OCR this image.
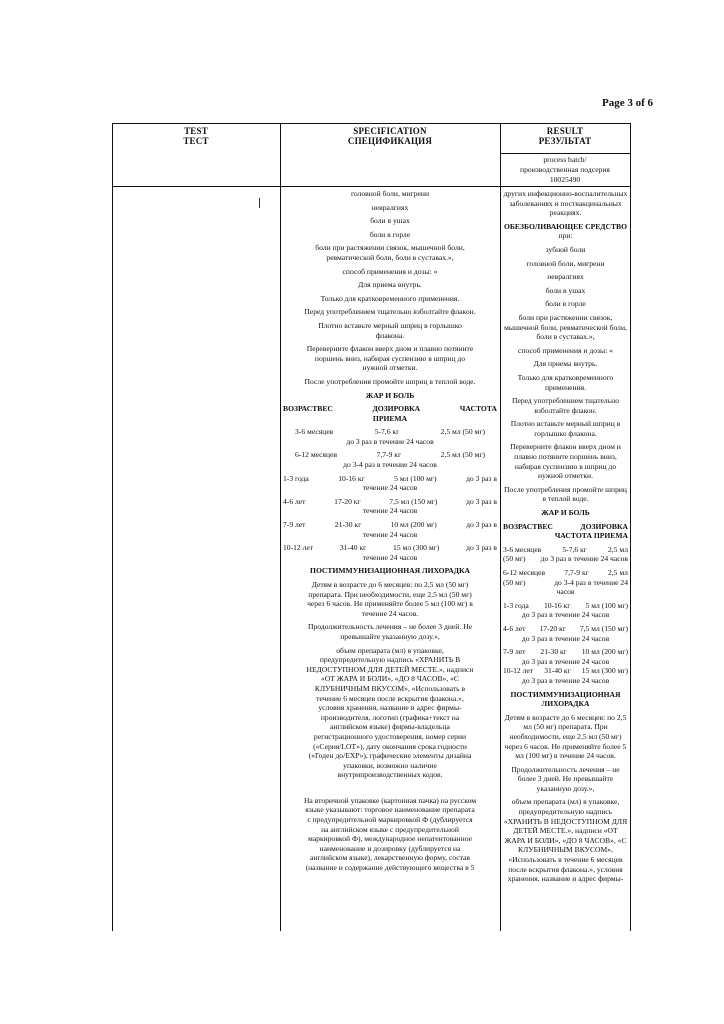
Page 3 of 6
TEST
ТЕСТ
SPECIFICATION
СПЕЦИФИКАЦИЯ
RESULT
РЕЗУЛЬТАТ
process batch/
производственная подсерия
10025490
головной боли, мигрени
невралгиях
боли в ушах
боли в горле
боли при растяжении связок, мышечной боли,
ревматической боли, боли в суставах.»,
способ применения и дозы: «
Для приема внутрь.
Только для кратковременного применения.
Перед употреблением тщательно взболтайте флакон.
Плотно вставьте мерный шприц в горлышко
флакона.
Переверните флакон вверх дном и плавно потяните
поршень вниз, набирая суспензию в шприц до
нужной отметки.
После употребления промойте шприц в теплой воде.
ЖАР И БОЛЬ
ВОЗРАСТВЕС	ДОЗИРОВКА	ЧАСТОТА
ПРИЕМА
3-6 месяцев	5-7,6 кг	2,5 мл (50 мг)
до 3 раз в течение 24 часов
6-12 месяцев	7,7-9 кг	2,5 мл (50 мг)
до 3-4 раз в течение 24 часов
1-3 года	10-16 кг	5 мл (100 мг)	до 3 раз в
течение 24 часов
4-6 лет	17-20 кг	7,5 мл (150 мг)	до 3 раз в
течение 24 часов
7-9 лет	21-30 кг	10 мл (200 мг)	до 3 раз в
течение 24 часов
10-12 лет	31-40 кг	15 мл (300 мг)	до 3 раз в
течение 24 часов
ПОСТИММУНИЗАЦИОННАЯ ЛИХОРАДКА
Детям в возрасте до 6 месяцев: по 2,5 мл (50 мг)
препарата. При необходимости, еще 2,5 мл (50 мг)
через 6 часов. Не применяйте более 5 мл (100 мг) в
течение 24 часов.
Продолжительность лечения – не более 3 дней. Не
превышайте указанную дозу.»,
объем препарата (мл) в упаковке,
предупредительную надпись «ХРАНИТЬ В
НЕДОСТУПНОМ ДЛЯ ДЕТЕЙ МЕСТЕ.», надписи
«ОТ ЖАРА И БОЛИ», «ДО 8 ЧАСОВ», «С
КЛУБНИЧНЫМ ВКУСОМ», «Использовать в
течение 6 месяцев после вскрытия флакона.»,
условия хранения, название и адрес фирмы-
производителя, логотип (графика+текст на
английском языке) фирмы-владельца
регистрационного удостоверения, номер серии
(«Серия/LOT»), дату окончания срока годности
(«Годен до/EXP»), графические элементы дизайна
упаковки, возможно наличие
внутрипроизводственных кодов.
На вторичной упаковке (картонная пачка) на русском
языке указывают: торговое наименование препарата
с предупредительной маркировкой Ф (дублируется
на английском языке с предупредительной
маркировкой Ф), международное непатентованное
наименование и дозировку (дублируется на
английском языке), лекарственную форму, состав
(название и содержание действующего вещества в 5
других инфекционно-воспалительных
заболеваниях и поствакцинальных
реакциях.
ОБЕЗБОЛИВАЮЩЕЕ СРЕДСТВО
при:
зубной боли
головной боли, мигрени
невралгиях
боли в ушах
боли в горле
боли при растяжении связок,
мышечной боли, ревматической боли,
боли в суставах.»,
способ применения и дозы: «
Для приема внутрь.
Только для кратковременного
применения.
Перед употреблением тщательно
взболтайте флакон.
Плотно вставьте мерный шприц в
горлышко флакона.
Переверните флакон вверх дном и
плавно потяните поршень вниз,
набирая суспензию в шприц до
нужной отметки.
После употребления промойте шприц
в теплой воде.
ЖАР И БОЛЬ
ВОЗРАСТВЕС	ДОЗИРОВКА
ЧАСТОТА ПРИЕМА
3-6 месяцев	5-7,6 кг	2,5 мл
(50 мг) до 3 раз в течение 24 часов
6-12 месяцев	7,7-9 кг	2,5 мл
(50 мг)	до 3-4 раз в течение 24
часов
1-3 года 10-16 кг 5 мл (100 мг)
до 3 раз в течение 24 часов
4-6 лет 17-20 кг 7,5 мл (150 мг)
до 3 раз в течение 24 часов
7-9 лет 21-30 кг 10 мл (200 мг)
до 3 раз в течение 24 часов
10-12 лет 31-40 кг 15 мл (300 мг)
до 3 раз в течение 24 часов
ПОСТИММУНИЗАЦИОННАЯ
ЛИХОРАДКА
Детям в возрасте до 6 месяцев: по 2,5
мл (50 мг) препарата. При
необходимости, еще 2,5 мл (50 мг)
через 6 часов. Не применяйте более 5
мл (100 мг) в течение 24 часов.
Продолжительность лечения – не
более 3 дней. Не превышайте
указанную дозу.»,
объем препарата (мл) в упаковке,
предупредительную надпись
«ХРАНИТЬ В НЕДОСТУПНОМ ДЛЯ
ДЕТЕЙ МЕСТЕ.», надписи «ОТ
ЖАРА И БОЛИ», «ДО 8 ЧАСОВ», «С
КЛУБНИЧНЫМ ВКУСОМ»,
«Использовать в течение 6 месяцев
после вскрытия флакона.», условия
хранения, название и адрес фирмы-
